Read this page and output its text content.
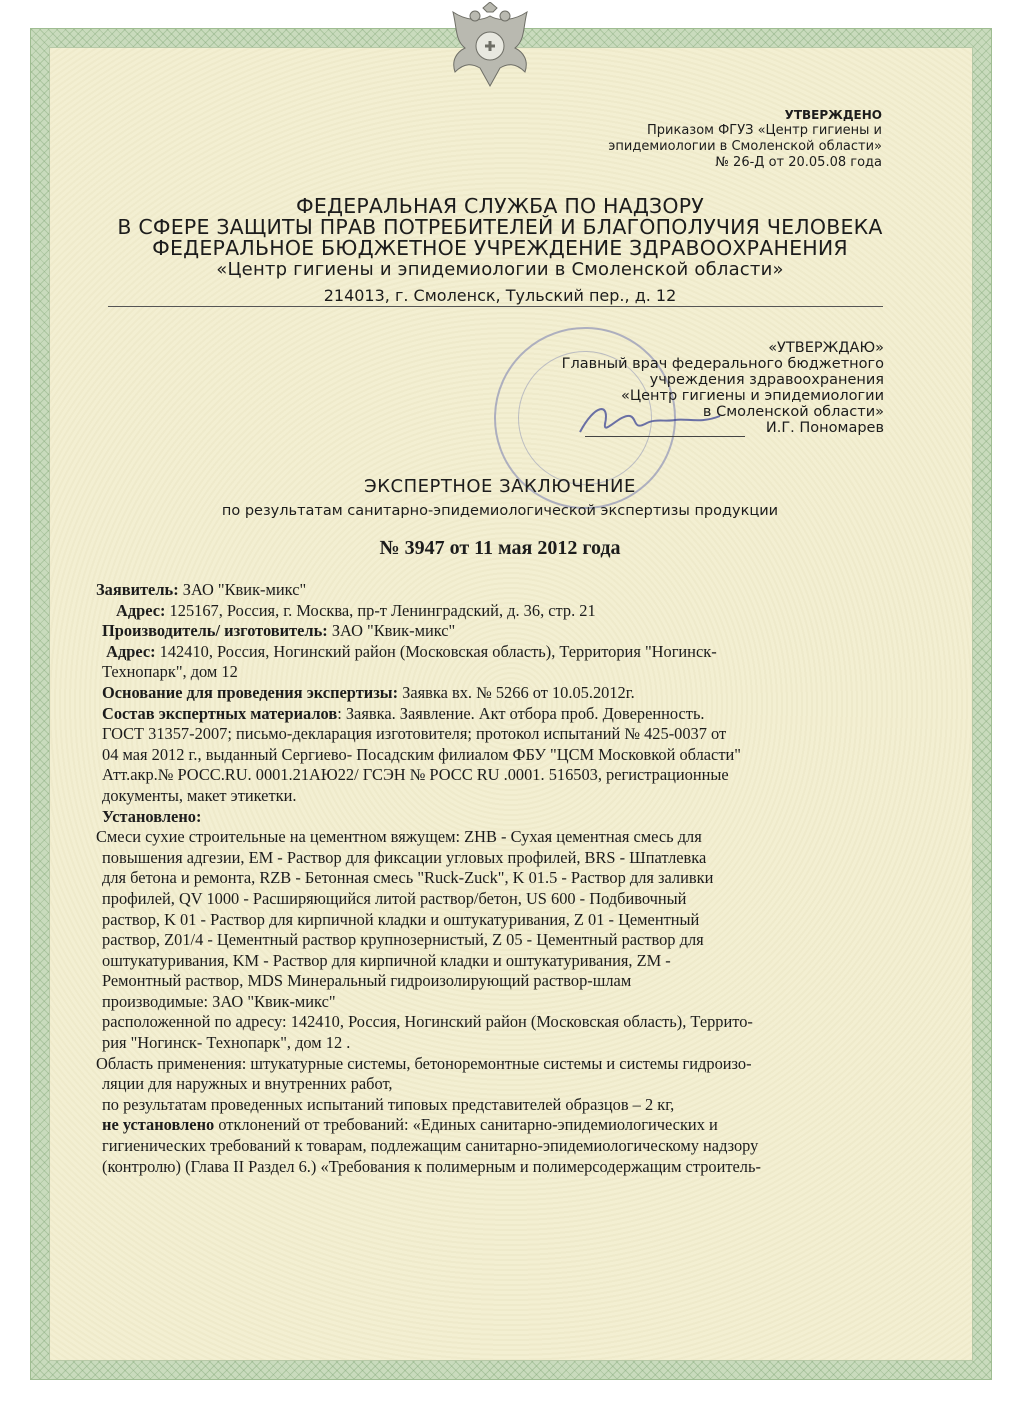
УТВЕРЖДЕНО
Приказом ФГУЗ «Центр гигиены и
эпидемиологии в Смоленской области»
№ 26-Д от 20.05.08 года
ФЕДЕРАЛЬНАЯ СЛУЖБА ПО НАДЗОРУ
В СФЕРЕ ЗАЩИТЫ ПРАВ ПОТРЕБИТЕЛЕЙ И БЛАГОПОЛУЧИЯ ЧЕЛОВЕКА
ФЕДЕРАЛЬНОЕ БЮДЖЕТНОЕ УЧРЕЖДЕНИЕ ЗДРАВООХРАНЕНИЯ
«Центр гигиены и эпидемиологии в Смоленской области»
214013, г. Смоленск, Тульский пер., д. 12
«УТВЕРЖДАЮ»
Главный врач федерального бюджетного
учреждения здравоохранения
«Центр гигиены и эпидемиологии
в Смоленской области»
И.Г. Пономарев
ЭКСПЕРТНОЕ ЗАКЛЮЧЕНИЕ
по результатам санитарно-эпидемиологической экспертизы продукции
№ 3947 от 11 мая 2012 года

Заявитель: ЗАО "Квик-микс"

Адрес: 125167, Россия, г. Москва, пр-т Ленинградский, д. 36, стр. 21

Производитель/ изготовитель: ЗАО "Квик-микс"

Адрес: 142410, Россия, Ногинский район (Московская область), Территория "Ногинск-

Технопарк", дом 12

Основание для проведения экспертизы: Заявка вх. № 5266 от 10.05.2012г.

Состав экспертных материалов: Заявка. Заявление. Акт отбора проб. Доверенность.

ГОСТ 31357-2007; письмо-декларация изготовителя; протокол испытаний № 425-0037 от

04 мая 2012 г., выданный Сергиево- Посадским филиалом ФБУ "ЦСМ Московкой области"

Атт.акр.№ РОСС.RU. 0001.21АЮ22/ ГСЭН № РОСС RU .0001. 516503, регистрационные

документы, макет этикетки.

Установлено:

Смеси сухие строительные на цементном вяжущем: ZHB - Сухая цементная смесь для

повышения адгезии, EM - Раствор для фиксации угловых профилей, BRS - Шпатлевка

для бетона и ремонта, RZB - Бетонная смесь "Ruck-Zuck", K 01.5 - Раствор для заливки

профилей, QV 1000 - Расширяющийся литой раствор/бетон, US 600 - Подбивочный

раствор, K 01 - Раствор для кирпичной кладки и оштукатуривания, Z 01 - Цементный

раствор, Z01/4 - Цементный раствор крупнозернистый, Z 05 - Цементный раствор для

оштукатуривания, KM - Раствор для кирпичной кладки и оштукатуривания, ZM -

Ремонтный раствор, MDS Минеральный гидроизолирующий раствор-шлам

производимые: ЗАО "Квик-микс"

расположенной по адресу: 142410, Россия, Ногинский район (Московская область), Террито-

рия "Ногинск- Технопарк", дом 12 .

Область применения: штукатурные системы, бетоноремонтные системы и системы гидроизо-

ляции для наружных и внутренних работ,

по результатам проведенных испытаний типовых представителей образцов – 2 кг,

не установлено отклонений от требований: «Единых санитарно-эпидемиологических и

гигиенических требований к товарам, подлежащим санитарно-эпидемиологическому надзору

(контролю) (Глава II Раздел 6.) «Требования к полимерным и полимерсодержащим строитель-
